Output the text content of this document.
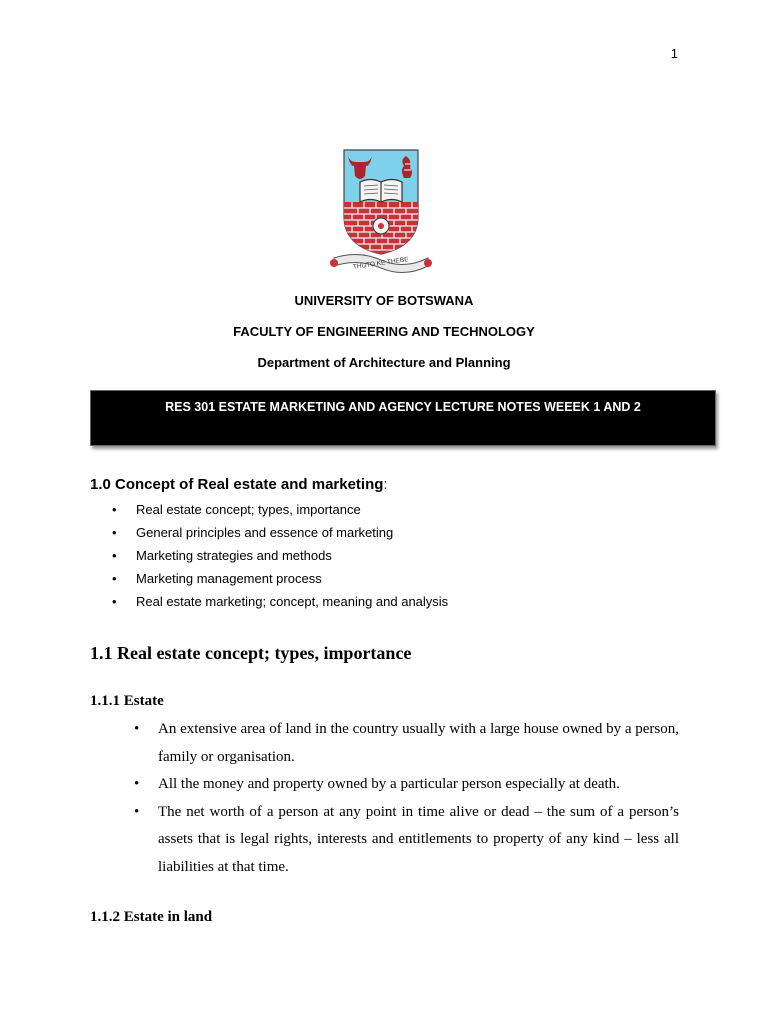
1
THUTO KE THEBE
UNIVERSITY OF BOTSWANA
FACULTY OF ENGINEERING AND TECHNOLOGY
Department of Architecture and Planning
RES 301 ESTATE MARKETING AND AGENCY LECTURE NOTES WEEEK 1 AND 2
1.0 Concept of Real estate and marketing:
• Real estate concept; types, importance
• General principles and essence of marketing
• Marketing strategies and methods
• Marketing management process
• Real estate marketing; concept, meaning and analysis
1.1 Real estate concept; types, importance
1.1.1 Estate
• An extensive area of land in the country usually with a large house owned by a person, family or organisation.
• All the money and property owned by a particular person especially at death.
• The net worth of a person at any point in time alive or dead – the sum of a person’s assets that is legal rights, interests and entitlements to property of any kind – less all liabilities at that time.
1.1.2 Estate in land
